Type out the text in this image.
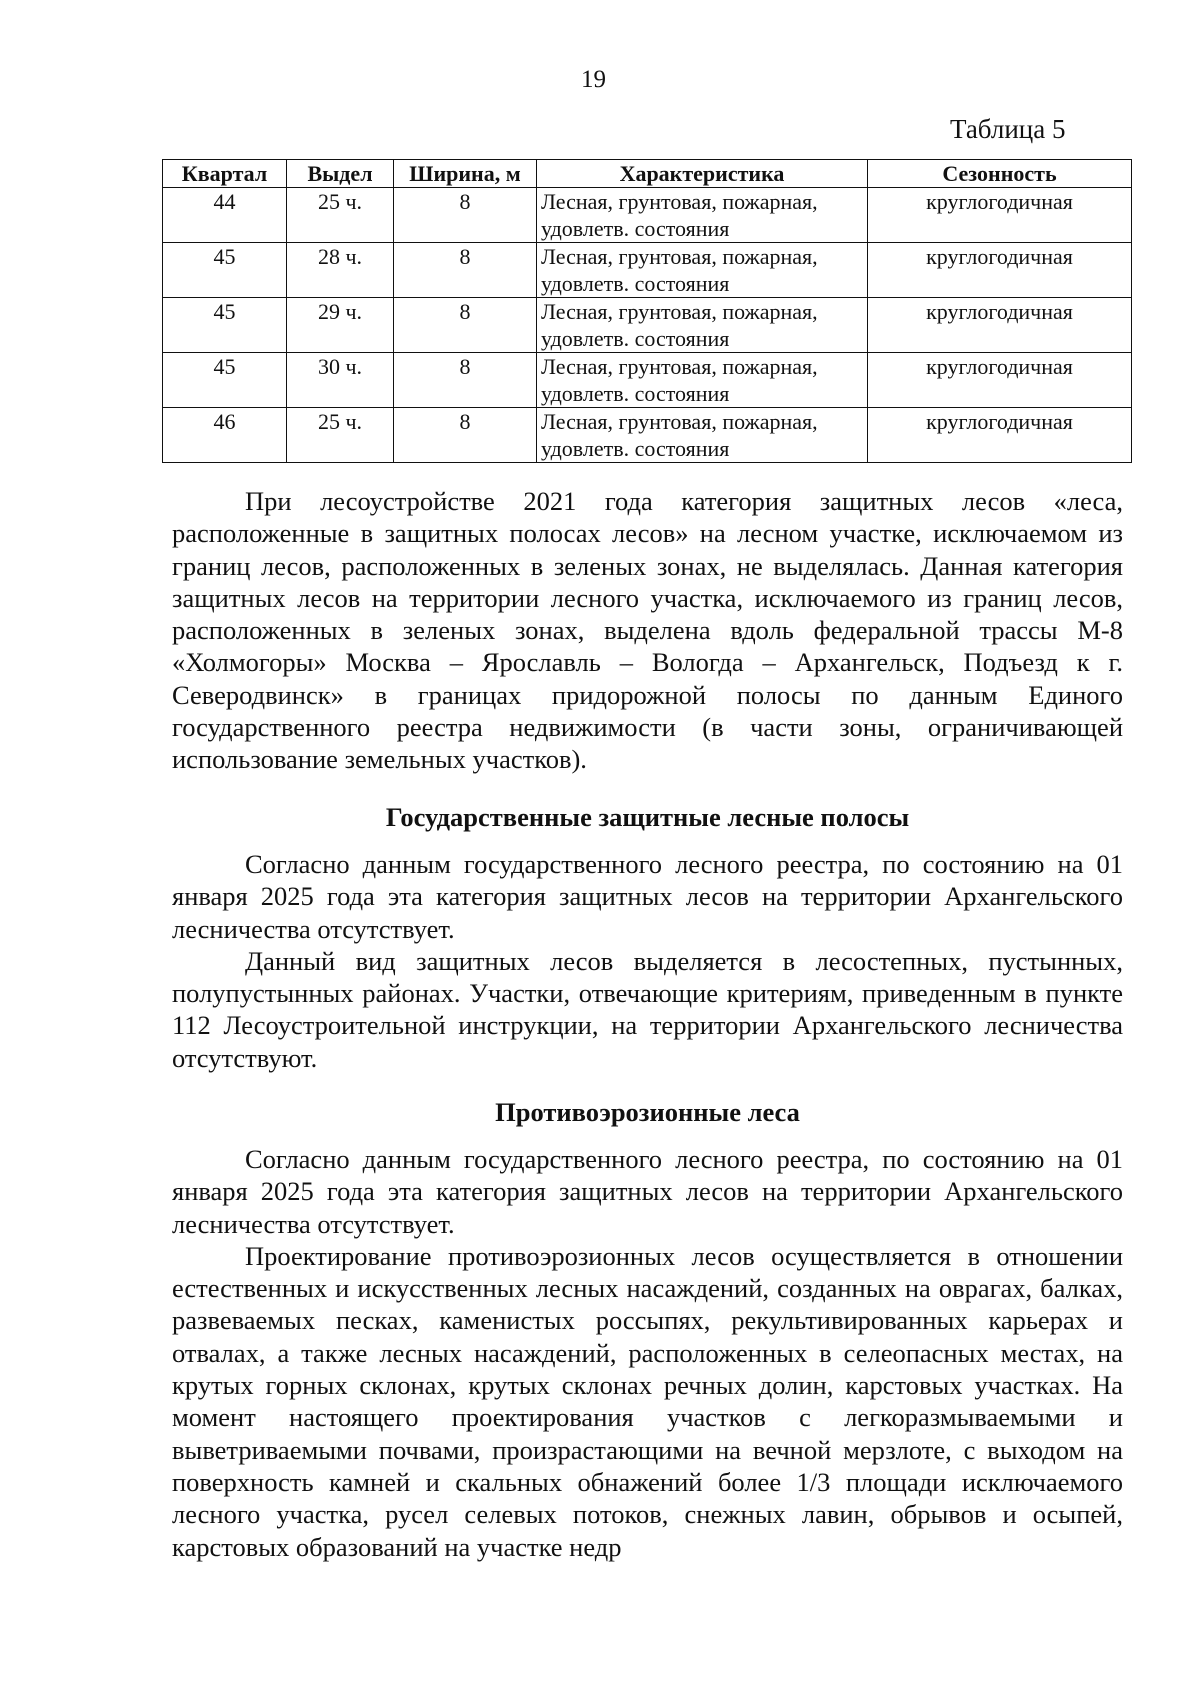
19
Таблица 5
Квартал	Выдел	Ширина, м	Характеристика	Сезонность
44	25 ч.	8	Лесная, грунтовая, пожарная, удовлетв. состояния	круглогодичная
45	28 ч.	8	Лесная, грунтовая, пожарная, удовлетв. состояния	круглогодичная
45	29 ч.	8	Лесная, грунтовая, пожарная, удовлетв. состояния	круглогодичная
45	30 ч.	8	Лесная, грунтовая, пожарная, удовлетв. состояния	круглогодичная
46	25 ч.	8	Лесная, грунтовая, пожарная, удовлетв. состояния	круглогодичная

При лесоустройстве 2021 года категория защитных лесов «леса, расположенные в защитных полосах лесов» на лесном участке, исключаемом из границ лесов, расположенных в зеленых зонах, не выделялась. Данная категория защитных лесов на территории лесного участка, исключаемого из границ лесов, расположенных в зеленых зонах, выделена вдоль федеральной трассы М-8 «Холмогоры» Москва – Ярославль – Вологда – Архангельск, Подъезд к г. Северодвинск» в границах придорожной полосы по данным Единого государственного реестра недвижимости (в части зоны, ограничивающей использование земельных участков).

Государственные защитные лесные полосы

Согласно данным государственного лесного реестра, по состоянию на 01 января 2025 года эта категория защитных лесов на территории Архангельского лесничества отсутствует.

Данный вид защитных лесов выделяется в лесостепных, пустынных, полупустынных районах. Участки, отвечающие критериям, приведенным в пункте 112 Лесоустроительной инструкции, на территории Архангельского лесничества отсутствуют.

Противоэрозионные леса

Согласно данным государственного лесного реестра, по состоянию на 01 января 2025 года эта категория защитных лесов на территории Архангельского лесничества отсутствует.

Проектирование противоэрозионных лесов осуществляется в отношении естественных и искусственных лесных насаждений, созданных на оврагах, балках, развеваемых песках, каменистых россыпях, рекультивированных карьерах и отвалах, а также лесных насаждений, расположенных в селеопасных местах, на крутых горных склонах, крутых склонах речных долин, карстовых участках. На момент настоящего проектирования участков с легкоразмываемыми и выветриваемыми почвами, произрастающими на вечной мерзлоте, с выходом на поверхность камней и скальных обнажений более 1/3 площади исключаемого лесного участка, русел селевых потоков, снежных лавин, обрывов и осыпей, карстовых образований на участке недр
